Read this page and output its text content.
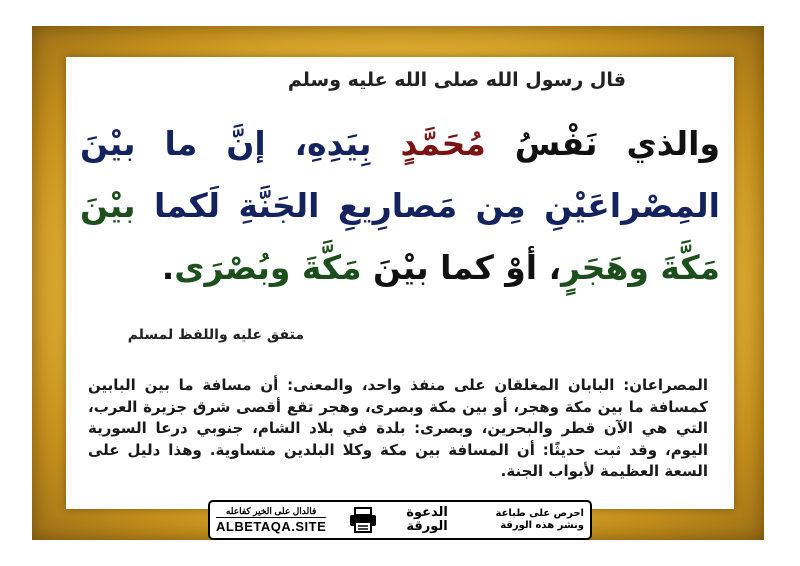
قال رسول الله صلى الله عليه وسلم
والذي نَفْسُ مُحَمَّدٍ بِيَدِهِ، إنَّ ما بيْنَ المِصْراعَيْنِ مِن مَصارِيعِ الجَنَّةِ لَكما بيْنَ مَكَّةَ وهَجَرٍ، أوْ كما بيْنَ مَكَّةَ وبُصْرَى.
متفق عليه واللفظ لمسلم
المصراعان: البابان المغلقان على منفذ واحد، والمعنى: أن مسافة ما بين البابين كمسافة ما بين مكة وهجر، أو بين مكة وبصرى، وهجر تقع أقصى شرق جزيرة العرب، التي هي الآن قطر والبحرين، وبصرى: بلدة في بلاد الشام، جنوبي درعا السورية اليوم، وقد ثبت حديثًا: أن المسافة بين مكة وكلا البلدين متساوية. وهذا دليل على السعة العظيمة لأبواب الجنة.
فالدال على الخير كفاعله
ALBETAQA.SITE
الدعوة
الورقة
احرص على طباعة
ونشر هذه الورقة
